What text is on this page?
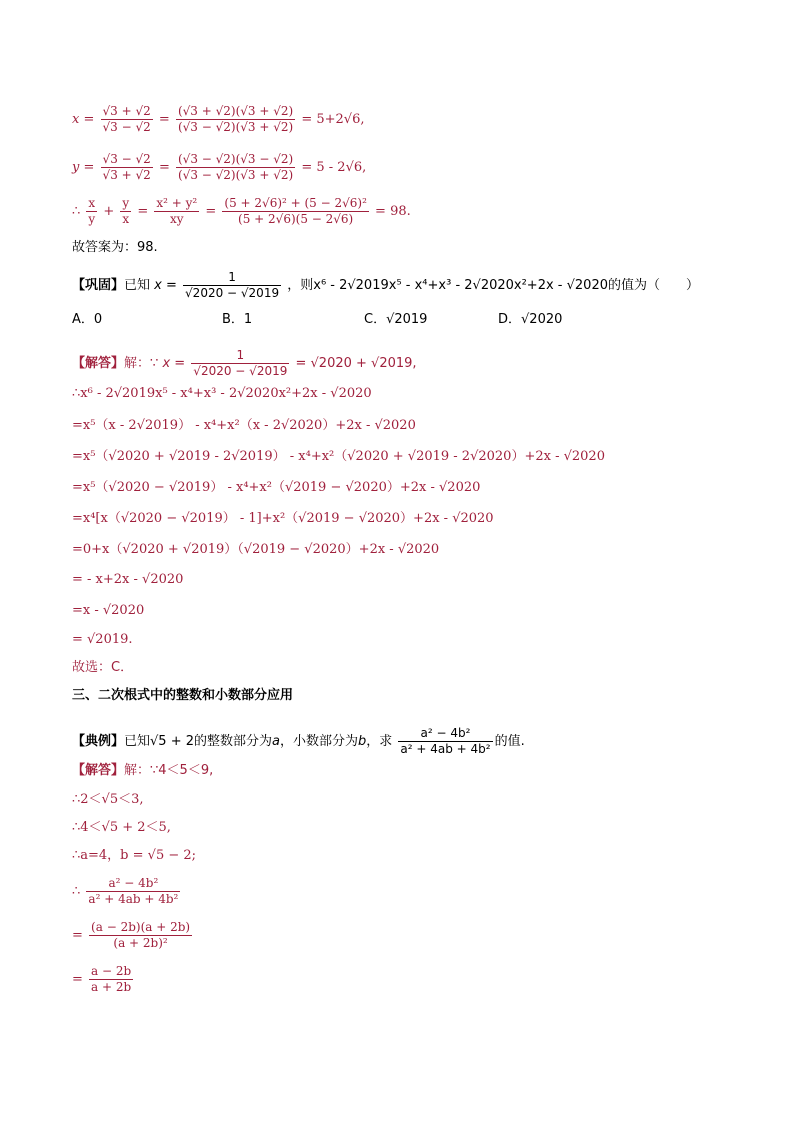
$x = \frac{√3 + √2}{√3 - √2} = \frac{(√3 + √2)(√3 + √2)}{(√3 - √2)(√3 + √2)} = 5+2√6$,
$y = \frac{√3 - √2}{√3 + √2} = \frac{(√3 - √2)(√3 - √2)}{(√3 - √2)(√3 + √2)} = 5 - 2√6$,
∴ $\frac{x}{y} + \frac{y}{x} = \frac{\text{x² + y²}}{xy} = \frac{\text{(5 + 2√6)² + (5 − 2√6)²}}{(5 + 2√6)(5 - 2√6)} = 98$.
故答案为：98.
【巩固】已知 $x = \frac{1}{√2020 - √2019}$ ，则x⁶ - 2√2019x⁵ - x⁴+x³ - 2√2020x²+2x - √2020的值为（　　）
A．0	B．1	C．√2019	D．√2020
【解答】解：∵ $x = \frac{1}{√2020 - √2019} = √2020 + √2019$,
∴x⁶ - 2√2019x⁵ - x⁴+x³ - 2√2020x²+2x - √2020
=x⁵（x - 2√2019） - x⁴+x²（x - 2√2020）+2x - √2020
=x⁵（√2020 + √2019 - 2√2019） - x⁴+x²（√2020 + √2019 - 2√2020）+2x - √2020
=x⁵（√2020 − √2019） - x⁴+x²（√2019 − √2020）+2x - √2020
=x⁴[x（√2020 − √2019） - 1]+x²（√2019 − √2020）+2x - √2020
=0+x（√2020 + √2019）（√2019 − √2020）+2x - √2020
= - x+2x - √2020
=x - √2020
= √2019.
故选：C．
三、二次根式中的整数和小数部分应用
【典例】已知√5 + 2的整数部分为a，小数部分为b，求 $\frac{\text{a² − 4b²}}{\text{a² + 4ab + 4b²}}$ 的值.
【解答】解：∵4＜5＜9,
∴2＜√5＜3,
∴4＜√5 + 2＜5,
∴a=4，b = √5 − 2;
∴ $\frac{\text{a² − 4b²}}{\text{a² + 4ab + 4b²}}$
= $\frac{(a - 2b)(a + 2b)}{\text{(a + 2b)²}}$
= $\frac{a - 2b}{a + 2b}$
